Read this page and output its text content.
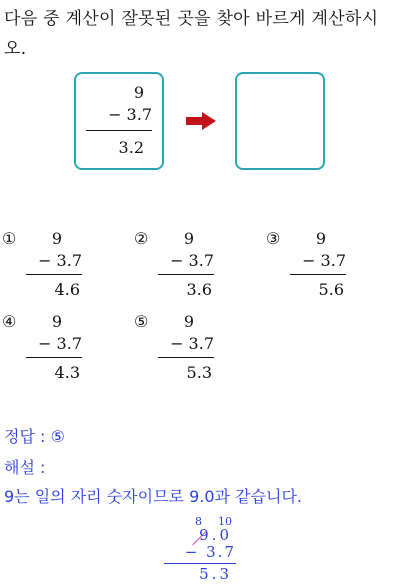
다음 중 계산이 잘못된 곳을 찾아 바르게 계산하시오.
9
− 3.7
3.2
①	9
− 3.7
4.6
②	9
− 3.7
3.6
③	9
− 3.7
5.6
④	9
− 3.7
4.3
⑤	9
− 3.7
5.3
정답 : ⑤
해설 :
9는 일의 자리 숫자이므로 9.0과 같습니다.
8 10
9.0
− 3.7
5.3
